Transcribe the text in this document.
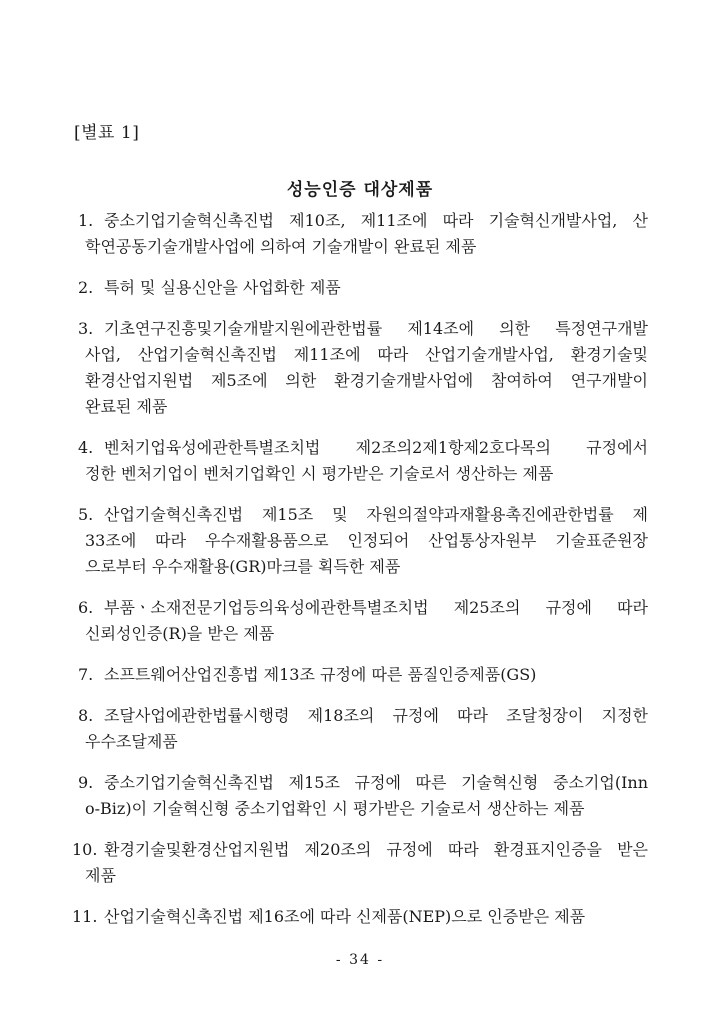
[별표 1]
성능인증 대상제품
1. 중소기업기술혁신촉진법 제10조, 제11조에 따라 기술혁신개발사업, 산
학연공동기술개발사업에 의하여 기술개발이 완료된 제품
2. 특허 및 실용신안을 사업화한 제품
3. 기초연구진흥및기술개발지원에관한법률 제14조에 의한 특정연구개발
사업, 산업기술혁신촉진법 제11조에 따라 산업기술개발사업, 환경기술및
환경산업지원법 제5조에 의한 환경기술개발사업에 참여하여 연구개발이
완료된 제품
4. 벤처기업육성에관한특별조치법 제2조의2제1항제2호다목의 규정에서
정한 벤처기업이 벤처기업확인 시 평가받은 기술로서 생산하는 제품
5. 산업기술혁신촉진법 제15조 및 자원의절약과재활용촉진에관한법률 제
33조에 따라 우수재활용품으로 인정되어 산업통상자원부 기술표준원장
으로부터 우수재활용(GR)마크를 획득한 제품
6. 부품ㆍ소재전문기업등의육성에관한특별조치법 제25조의 규정에 따라
신뢰성인증(R)을 받은 제품
7. 소프트웨어산업진흥법 제13조 규정에 따른 품질인증제품(GS)
8. 조달사업에관한법률시행령 제18조의 규정에 따라 조달청장이 지정한
우수조달제품
9. 중소기업기술혁신촉진법 제15조 규정에 따른 기술혁신형 중소기업(Inn
o-Biz)이 기술혁신형 중소기업확인 시 평가받은 기술로서 생산하는 제품
10. 환경기술및환경산업지원법 제20조의 규정에 따라 환경표지인증을 받은
제품
11. 산업기술혁신촉진법 제16조에 따라 신제품(NEP)으로 인증받은 제품
- 34 -
